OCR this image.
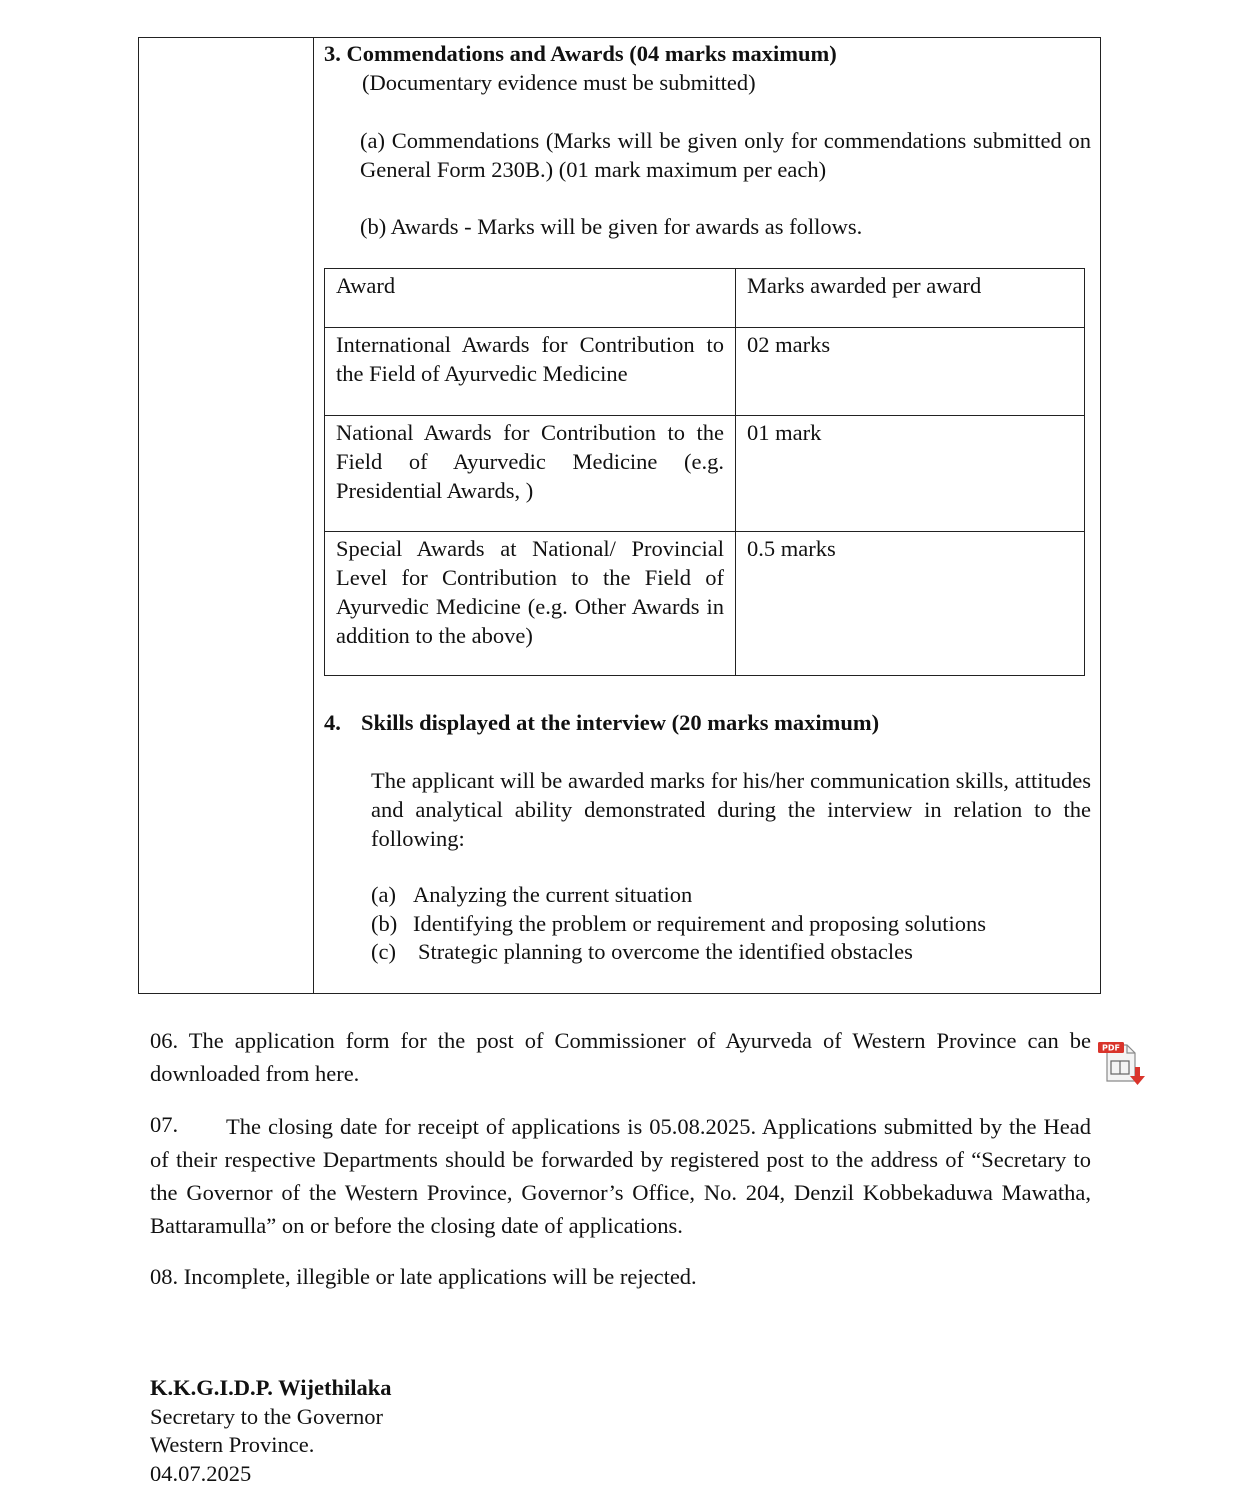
3. Commendations and Awards (04 marks maximum)
(Documentary evidence must be submitted)
(a) Commendations (Marks will be given only for commendations submitted on General Form 230B.) (01 mark maximum per each)
(b) Awards - Marks will be given for awards as follows.
Award	Marks awarded per award
International Awards for Contribution to the Field of Ayurvedic Medicine	02 marks
National Awards for Contribution to the Field of Ayurvedic Medicine (e.g. Presidential Awards, )	01 mark
Special Awards at National/ Provincial Level for Contribution to the Field of Ayurvedic Medicine (e.g. Other Awards in addition to the above)	0.5 marks
4. Skills displayed at the interview (20 marks maximum)
The applicant will be awarded marks for his/her communication skills, attitudes and analytical ability demonstrated during the interview in relation to the following:
(a) Analyzing the current situation
(b) Identifying the problem or requirement and proposing solutions
(c) Strategic planning to overcome the identified obstacles
06. The application form for the post of Commissioner of Ayurveda of Western Province can be downloaded from here.
PDF
07.	The closing date for receipt of applications is 05.08.2025. Applications submitted by the Head of their respective Departments should be forwarded by registered post to the address of “Secretary to the Governor of the Western Province, Governor’s Office, No. 204, Denzil Kobbekaduwa Mawatha, Battaramulla” on or before the closing date of applications.
08. Incomplete, illegible or late applications will be rejected.
K.K.G.I.D.P. Wijethilaka
Secretary to the Governor
Western Province.
04.07.2025
